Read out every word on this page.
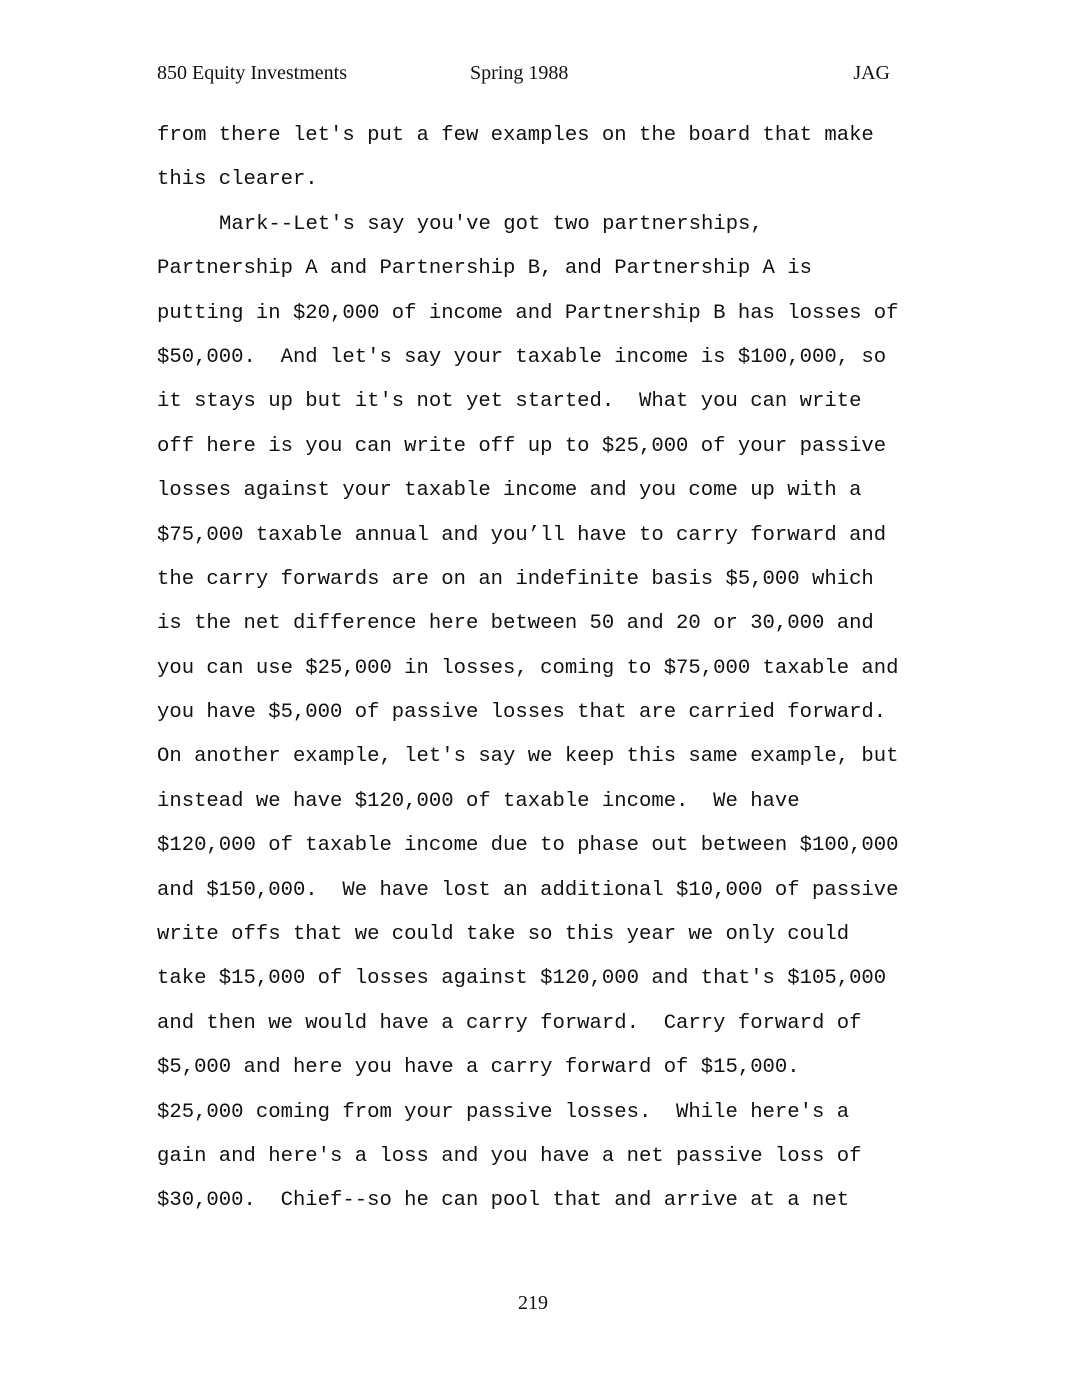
850 Equity Investments	Spring 1988	JAG
from there let's put a few examples on the board that make
this clearer.
Mark--Let's say you've got two partnerships,
Partnership A and Partnership B, and Partnership A is
putting in $20,000 of income and Partnership B has losses of
$50,000.  And let's say your taxable income is $100,000, so
it stays up but it's not yet started.  What you can write
off here is you can write off up to $25,000 of your passive
losses against your taxable income and you come up with a
$75,000 taxable annual and you’ll have to carry forward and
the carry forwards are on an indefinite basis $5,000 which
is the net difference here between 50 and 20 or 30,000 and
you can use $25,000 in losses, coming to $75,000 taxable and
you have $5,000 of passive losses that are carried forward.
On another example, let's say we keep this same example, but
instead we have $120,000 of taxable income.  We have
$120,000 of taxable income due to phase out between $100,000
and $150,000.  We have lost an additional $10,000 of passive
write offs that we could take so this year we only could
take $15,000 of losses against $120,000 and that's $105,000
and then we would have a carry forward.  Carry forward of
$5,000 and here you have a carry forward of $15,000.
$25,000 coming from your passive losses.  While here's a
gain and here's a loss and you have a net passive loss of
$30,000.  Chief--so he can pool that and arrive at a net
219
